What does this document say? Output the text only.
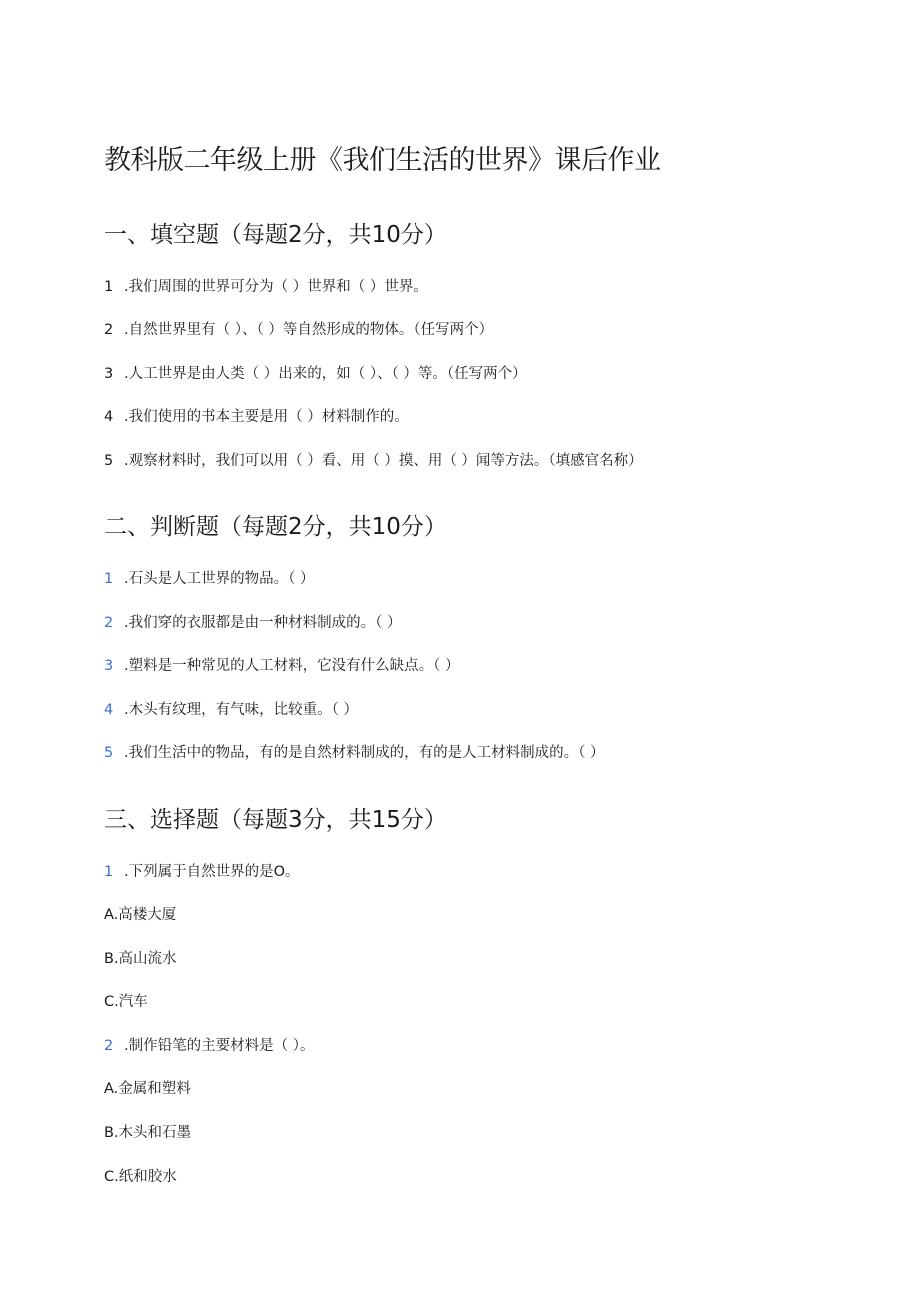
教科版二年级上册《我们生活的世界》课后作业
一、填空题（每题2分，共10分）
1 .我们周围的世界可分为（ ）世界和（ ）世界。
2 .自然世界里有（ ）、（ ）等自然形成的物体。（任写两个）
3 .人工世界是由人类（ ）出来的，如（ ）、（ ）等。（任写两个）
4 .我们使用的书本主要是用（ ）材料制作的。
5 .观察材料时，我们可以用（ ）看、用（ ）摸、用（ ）闻等方法。（填感官名称）
二、判断题（每题2分，共10分）
1 .石头是人工世界的物品。（ ）
2 .我们穿的衣服都是由一种材料制成的。（ ）
3 .塑料是一种常见的人工材料，它没有什么缺点。（ ）
4 .木头有纹理，有气味，比较重。（ ）
5 .我们生活中的物品，有的是自然材料制成的，有的是人工材料制成的。（ ）
三、选择题（每题3分，共15分）
1 .下列属于自然世界的是O。
A.高楼大厦
B.高山流水
C.汽车
2 .制作铅笔的主要材料是（ ）。
A.金属和塑料
B.木头和石墨
C.纸和胶水
